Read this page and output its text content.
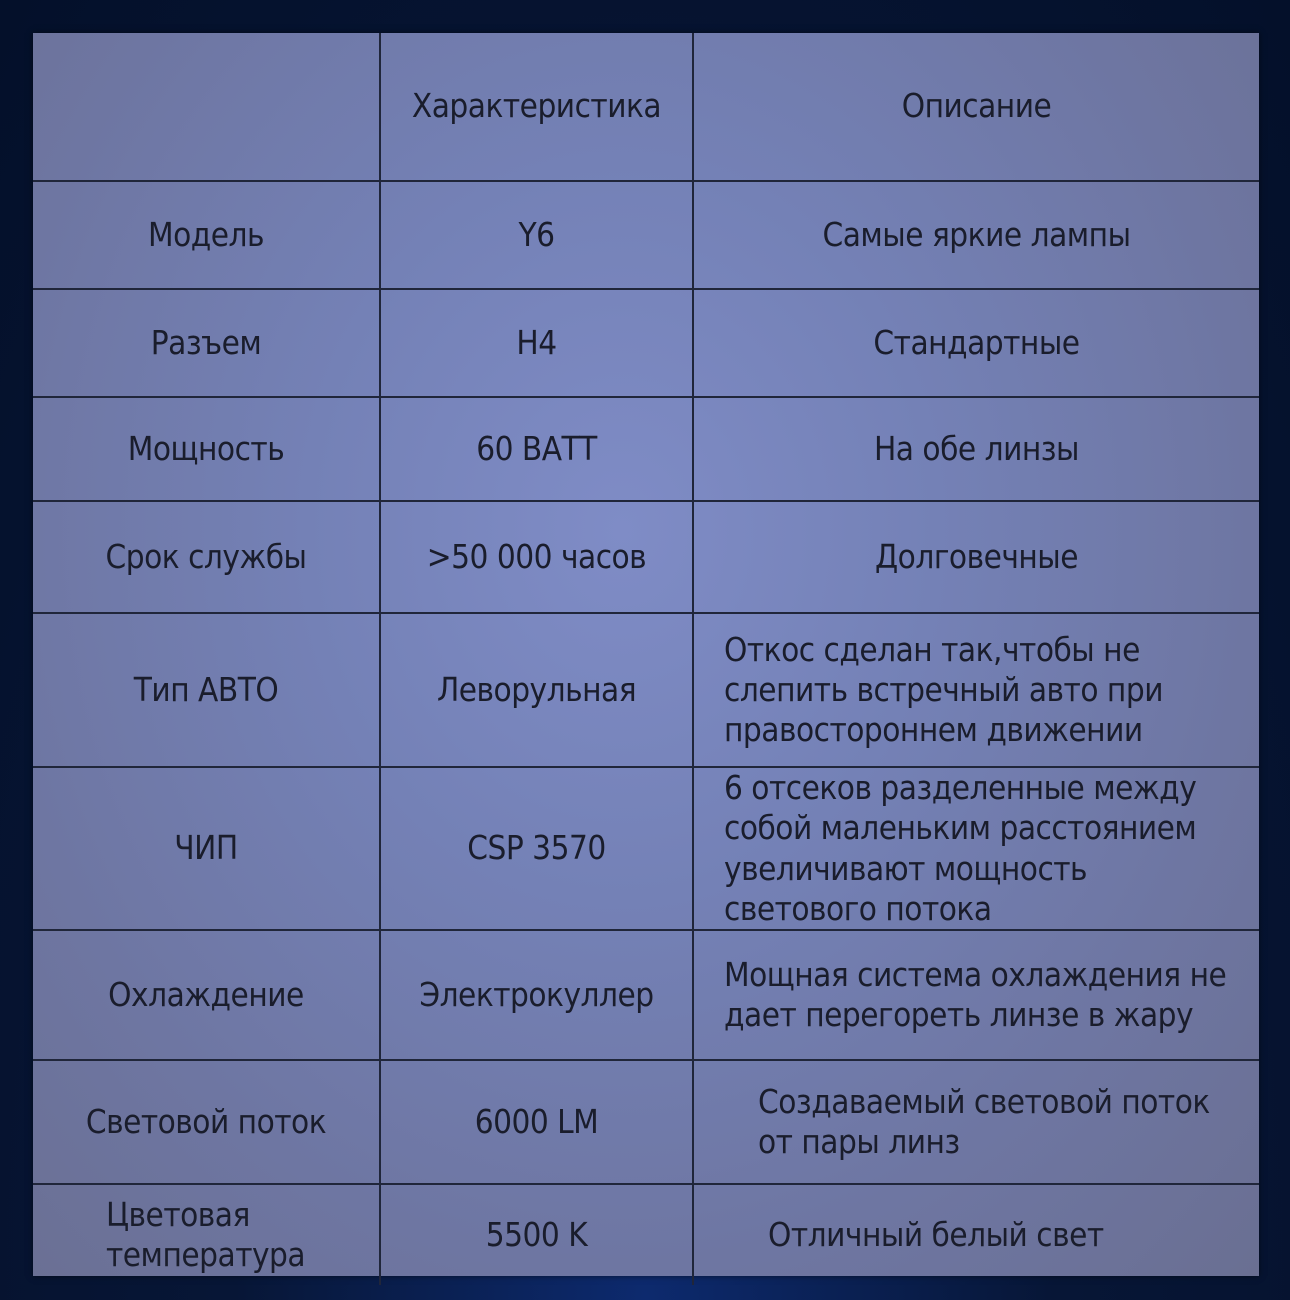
	Характеристика	Описание
Модель	Y6	Самые яркие лампы
Разъем	H4	Стандартные
Мощность	60 ВАТТ	На обе линзы
Срок службы	>50 000 часов	Долговечные
Тип АВТО	Леворульная	Откос сделан так,чтобы не слепить встречный авто при правостороннем движении
ЧИП	CSP 3570	6 отсеков разделенные между собой маленьким расстоянием увеличивают мощность светового потока
Охлаждение	Электрокуллер	Мощная система охлаждения не дает перегореть линзе в жару
Световой поток	6000 LM	Создаваемый световой поток от пары линз
Цветовая температура	5500 K	Отличный белый свет
